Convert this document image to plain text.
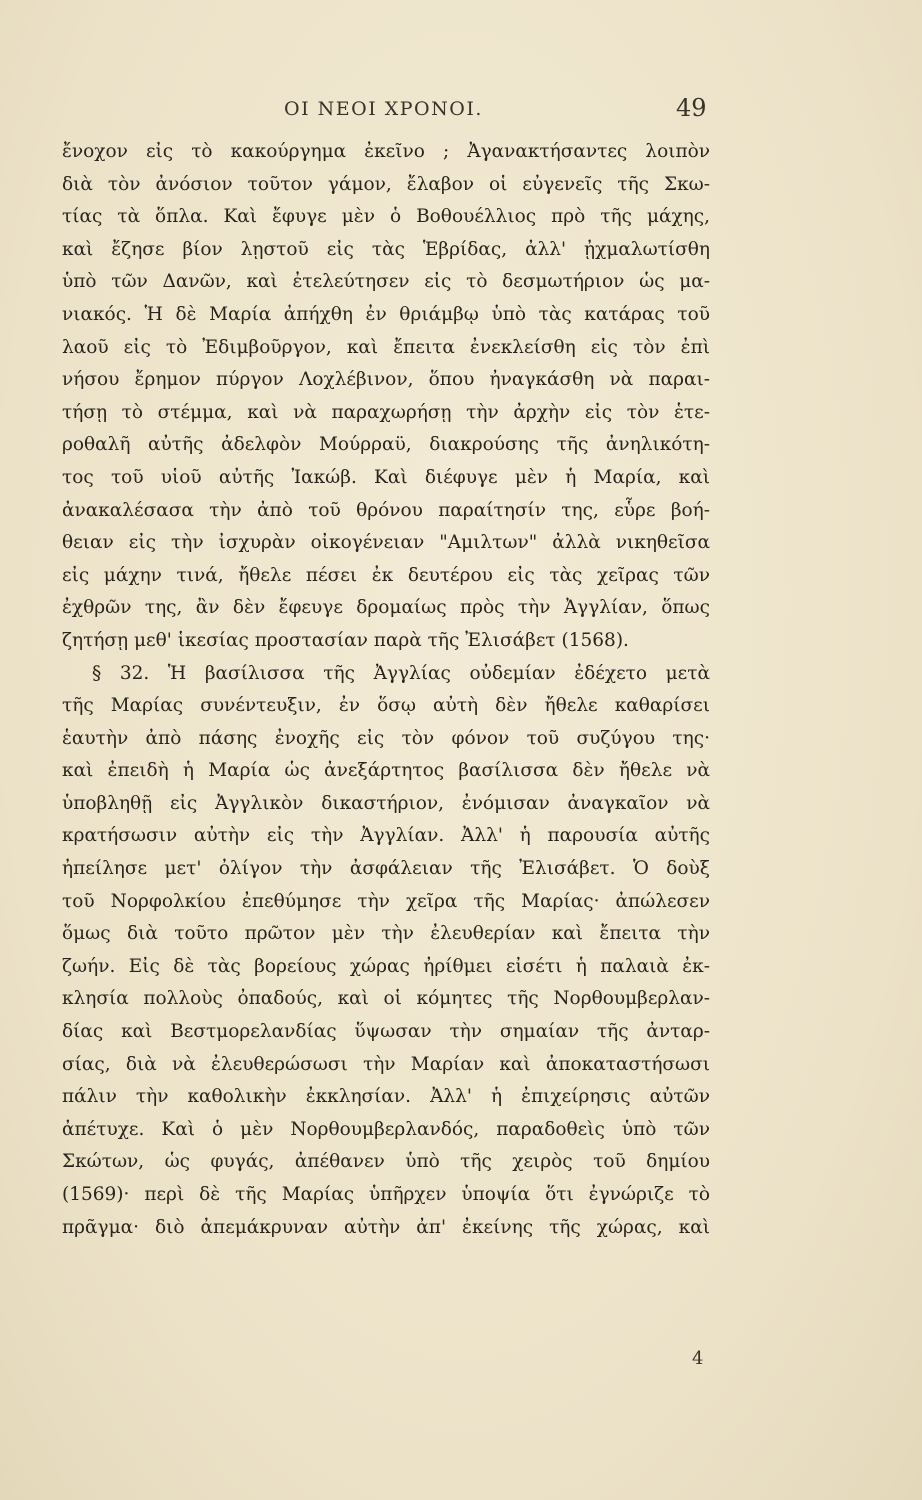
ΟΙ ΝΕΟΙ ΧΡΟΝΟΙ.	49
ἔνοχον εἰς τὸ κακούργημα ἐκεῖνο ; Ἀγανακτήσαντες λοιπὸν
διὰ τὸν ἀνόσιον τοῦτον γάμον, ἔλαβον οἱ εὐγενεῖς τῆς Σκω-
τίας τὰ ὅπλα. Καὶ ἔφυγε μὲν ὁ Βοθουέλλιος πρὸ τῆς μάχης,
καὶ ἔζησε βίον λῃστοῦ εἰς τὰς Ἑβρίδας, ἀλλ' ᾐχμαλωτίσθη
ὑπὸ τῶν Δανῶν, καὶ ἐτελεύτησεν εἰς τὸ δεσμωτήριον ὡς μα-
νιακός. Ἡ δὲ Μαρία ἀπήχθη ἐν θριάμβῳ ὑπὸ τὰς κατάρας τοῦ
λαοῦ εἰς τὸ Ἐδιμβοῦργον, καὶ ἔπειτα ἐνεκλείσθη εἰς τὸν ἐπὶ
νήσου ἔρημον πύργον Λοχλέβινον, ὅπου ἠναγκάσθη νὰ παραι-
τήσῃ τὸ στέμμα, καὶ νὰ παραχωρήσῃ τὴν ἀρχὴν εἰς τὸν ἑτε-
ροθαλῆ αὐτῆς ἀδελφὸν Μούρραϋ, διακρούσης τῆς ἀνηλικότη-
τος τοῦ υἱοῦ αὐτῆς Ἰακώβ. Καὶ διέφυγε μὲν ἡ Μαρία, καὶ
ἀνακαλέσασα τὴν ἀπὸ τοῦ θρόνου παραίτησίν της, εὗρε βοή-
θειαν εἰς τὴν ἰσχυρὰν οἰκογένειαν "Αμιλτων" ἀλλὰ νικηθεῖσα
εἰς μάχην τινά, ἤθελε πέσει ἐκ δευτέρου εἰς τὰς χεῖρας τῶν
ἐχθρῶν της, ἂν δὲν ἔφευγε δρομαίως πρὸς τὴν Ἀγγλίαν, ὅπως
ζητήσῃ μεθ' ἱκεσίας προστασίαν παρὰ τῆς Ἐλισάβετ (1568).
§ 32. Ἡ βασίλισσα τῆς Ἀγγλίας οὐδεμίαν ἐδέχετο μετὰ
τῆς Μαρίας συνέντευξιν, ἐν ὅσῳ αὐτὴ δὲν ἤθελε καθαρίσει
ἑαυτὴν ἀπὸ πάσης ἐνοχῆς εἰς τὸν φόνον τοῦ συζύγου της·
καὶ ἐπειδὴ ἡ Μαρία ὡς ἀνεξάρτητος βασίλισσα δὲν ἤθελε νὰ
ὑποβληθῇ εἰς Ἀγγλικὸν δικαστήριον, ἐνόμισαν ἀναγκαῖον νὰ
κρατήσωσιν αὐτὴν εἰς τὴν Ἀγγλίαν. Ἀλλ' ἡ παρουσία αὐτῆς
ἠπείλησε μετ' ὀλίγον τὴν ἀσφάλειαν τῆς Ἐλισάβετ. Ὁ δοὺξ
τοῦ Νορφολκίου ἐπεθύμησε τὴν χεῖρα τῆς Μαρίας· ἀπώλεσεν
ὅμως διὰ τοῦτο πρῶτον μὲν τὴν ἐλευθερίαν καὶ ἔπειτα τὴν
ζωήν. Εἰς δὲ τὰς βορείους χώρας ἠρίθμει εἰσέτι ἡ παλαιὰ ἐκ-
κλησία πολλοὺς ὀπαδούς, καὶ οἱ κόμητες τῆς Νορθουμβερλαν-
δίας καὶ Βεστμορελανδίας ὕψωσαν τὴν σημαίαν τῆς ἀνταρ-
σίας, διὰ νὰ ἐλευθερώσωσι τὴν Μαρίαν καὶ ἀποκαταστήσωσι
πάλιν τὴν καθολικὴν ἐκκλησίαν. Ἀλλ' ἡ ἐπιχείρησις αὐτῶν
ἀπέτυχε. Καὶ ὁ μὲν Νορθουμβερλανδός, παραδοθεὶς ὑπὸ τῶν
Σκώτων, ὡς φυγάς, ἀπέθανεν ὑπὸ τῆς χειρὸς τοῦ δημίου
(1569)· περὶ δὲ τῆς Μαρίας ὑπῆρχεν ὑποψία ὅτι ἐγνώριζε τὸ
πρᾶγμα· διὸ ἀπεμάκρυναν αὐτὴν ἀπ' ἐκείνης τῆς χώρας, καὶ
4
